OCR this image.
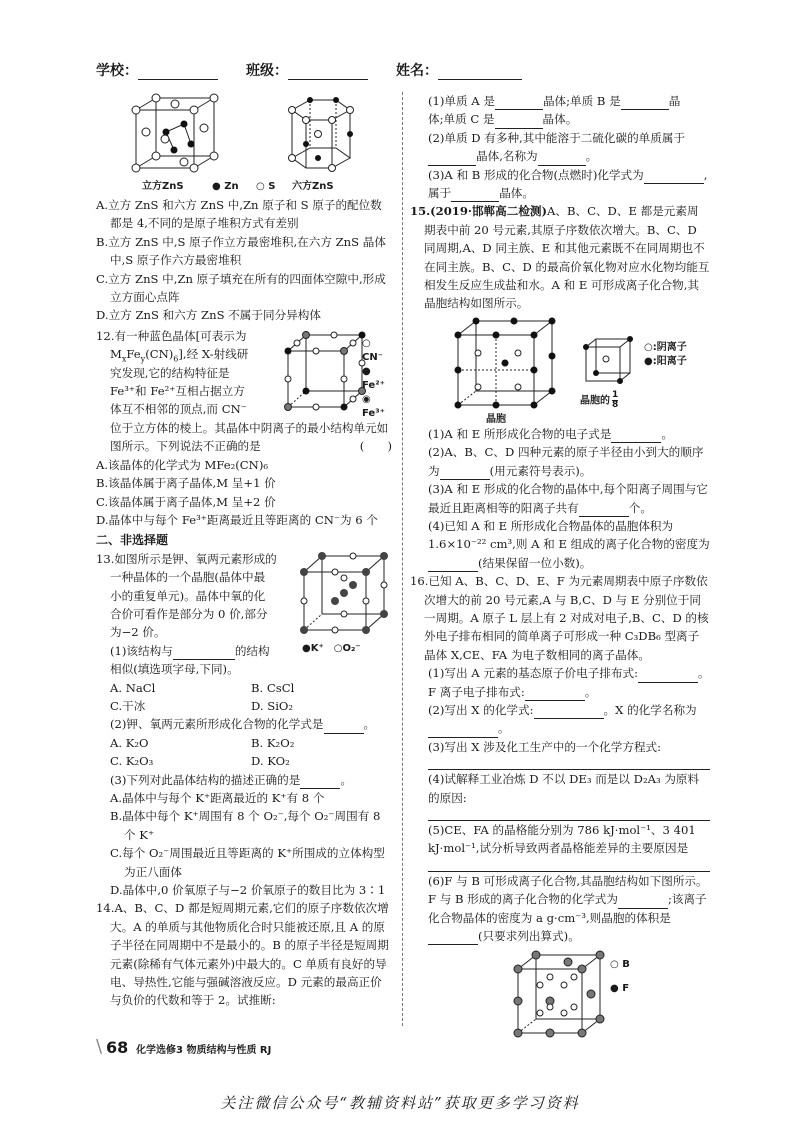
学校：	班级：	姓名：
立方ZnS	● Zn ○ S 六方ZnS

A.立方 ZnS 和六方 ZnS 中,Zn 原子和 S 原子的配位数都是 4,不同的是原子堆积方式有差别

B.立方 ZnS 中,S 原子作立方最密堆积,在六方 ZnS 晶体中,S 原子作六方最密堆积

C.立方 ZnS 中,Zn 原子填充在所有的四面体空隙中,形成立方面心点阵

D.立方 ZnS 和六方 ZnS 不属于同分异构体

○ CN⁻
● Fe²⁺
◉ Fe³⁺

12.有一种蓝色晶体[可表示为

$M_xFe_y(CN)_6$],经 X-射线研

究发现,它的结构特征是

Fe³⁺和 Fe²⁺互相占据立方

体互不相邻的顶点,而 CN⁻

位于立方体的棱上。其晶体中阴离子的最小结构单元如图所示。下列说法不正确的是	(　　)

A.该晶体的化学式为 MFe₂(CN)₆

B.该晶体属于离子晶体,M 呈+1 价

C.该晶体属于离子晶体,M 呈+2 价

D.晶体中与每个 Fe³⁺距离最近且等距离的 CN⁻为 6 个

二、非选择题

●K⁺　○O₂⁻

13.如图所示是钾、氧两元素形成的

一种晶体的一个晶胞(晶体中最

小的重复单元)。晶体中氧的化

合价可看作是部分为 0 价,部分

为−2 价。

(1)该结构与	的结构

相似(填选项字母,下同)。

A. NaCl	B. CsCl
C.干冰	D. SiO₂

(2)钾、氧两元素所形成化合物的化学式是	。

A. K₂O	B. K₂O₂
C. K₂O₃	D. KO₂

(3)下列对此晶体结构的描述正确的是	。

A.晶体中与每个 K⁺距离最近的 K⁺有 8 个

B.晶体中每个 K⁺周围有 8 个 O₂⁻,每个 O₂⁻周围有 8 个 K⁺

C.每个 O₂⁻周围最近且等距离的 K⁺所围成的立体构型为正八面体

D.晶体中,0 价氧原子与−2 价氧原子的数目比为 3∶1

14.A、B、C、D 都是短周期元素,它们的原子序数依次增大。A 的单质与其他物质化合时只能被还原,且 A 的原子半径在同周期中不是最小的。B 的原子半径是短周期元素(除稀有气体元素外)中最大的。C 单质有良好的导电、导热性,它能与强碱溶液反应。D 元素的最高正价与负价的代数和等于 2。试推断:

(1)单质 A 是	晶体;单质 B 是	晶

体;单质 C 是	晶体。

(2)单质 D 有多种,其中能溶于二硫化碳的单质属于晶体,名称为	。

(3)A 和 B 形成的化合物(点燃时)化学式为	,属于	晶体。

15.(2019·邯郸高二检测)A、B、C、D、E 都是元素周期表中前 20 号元素,其原子序数依次增大。B、C、D 同周期,A、D 同主族、E 和其他元素既不在同周期也不在同主族。B、C、D 的最高价氧化物对应水化物均能互相发生反应生成盐和水。A 和 E 可形成离子化合物,其晶胞结构如图所示。

○:阴离子
●:阳离子
晶胞
晶胞的 $\frac{1}{8}$

(1)A 和 E 所形成化合物的电子式是	。

(2)A、B、C、D 四种元素的原子半径由小到大的顺序为	(用元素符号表示)。

(3)A 和 E 形成的化合物的晶体中,每个阳离子周围与它最近且距离相等的阳离子共有	个。

(4)已知 A 和 E 所形成化合物晶体的晶胞体积为 1.6×10⁻²² cm³,则 A 和 E 组成的离子化合物的密度为(结果保留一位小数)。

16.已知 A、B、C、D、E、F 为元素周期表中原子序数依次增大的前 20 号元素,A 与 B,C、D 与 E 分别位于同一周期。A 原子 L 层上有 2 对成对电子,B、C、D 的核外电子排布相同的简单离子可形成一种 C₃DB₆ 型离子晶体 X,CE、FA 为电子数相同的离子晶体。

(1)写出 A 元素的基态原子价电子排布式:	。F 离子电子排布式:	。

(2)写出 X 的化学式:	。X 的化学名称为。

(3)写出 X 涉及化工生产中的一个化学方程式:

(4)试解释工业冶炼 D 不以 DE₃ 而是以 D₂A₃ 为原料的原因:

(5)CE、FA 的晶格能分别为 786 kJ·mol⁻¹、3 401 kJ·mol⁻¹,试分析导致两者晶格能差异的主要原因是

(6)F 与 B 可形成离子化合物,其晶胞结构如下图所示。F 与 B 形成的离子化合物的化学式为	;该离子化合物晶体的密度为 a g·cm⁻³,则晶胞的体积是(只要求列出算式)。

○ B
● F
\ 68 化学选修3 物质结构与性质 RJ
关注微信公众号“教辅资料站”获取更多学习资料
